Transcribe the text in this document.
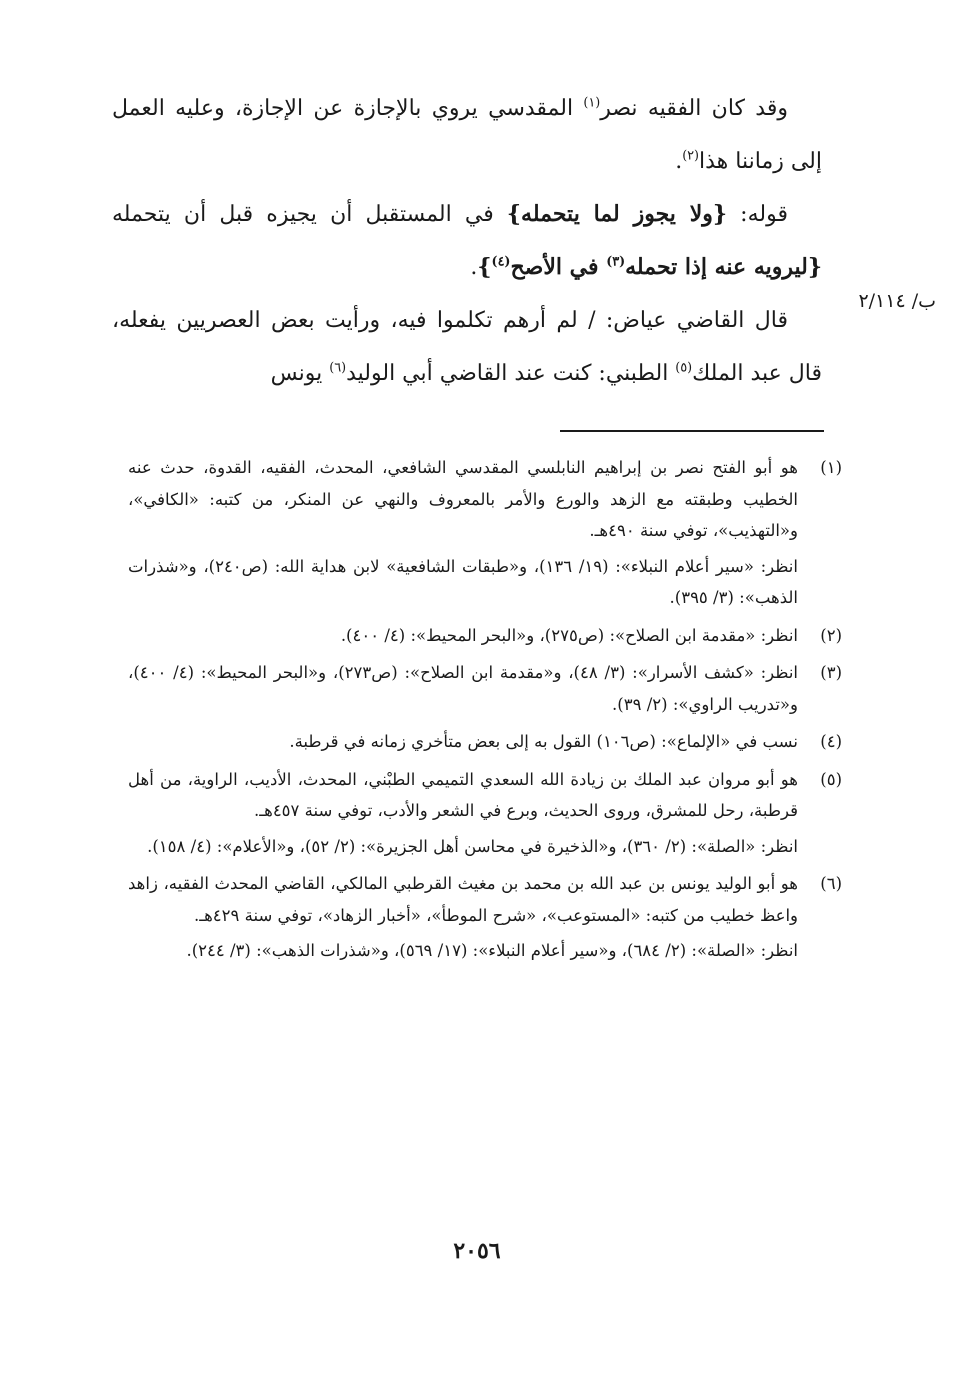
وقد كان الفقيه نصر$^{(١)}$ المقدسي يروي بالإجازة عن الإجازة، وعليه العمل إلى زماننا هذا$^{(٢)}$.

قوله: {ولا يجوز لما يتحمله} في المستقبل أن يجيزه قبل أن يتحمله {ليرويه عنه إذا تحمله$^{(٣)}$ في الأصح$^{(٤)}$}.

قال القاضي عياض: / لم أرهم تكلموا فيه، ورأيت بعض العصريين يفعله، قال عبد الملك$^{(٥)}$ الطبني: كنت عند القاضي أبي الوليد$^{(٦)}$ يونس

ب/ ٢/١١٤
(١)

هو أبو الفتح نصر بن إبراهيم النابلسي المقدسي الشافعي، المحدث، الفقيه، القدوة، حدث عنه الخطيب وطبقته مع الزهد والورع والأمر بالمعروف والنهي عن المنكر، من كتبه: «الكافي»، و«التهذيب»، توفي سنة ٤٩٠هـ.

انظر: «سير أعلام النبلاء»: (١٩/ ١٣٦)، و«طبقات الشافعية» لابن هداية الله: (ص٢٤٠)، و«شذرات الذهب»: (٣/ ٣٩٥).

(٢)

انظر: «مقدمة ابن الصلاح»: (ص٢٧٥)، و«البحر المحيط»: (٤/ ٤٠٠).

(٣)

انظر: «كشف الأسرار»: (٣/ ٤٨)، و«مقدمة ابن الصلاح»: (ص٢٧٣)، و«البحر المحيط»: (٤/ ٤٠٠)، و«تدريب الراوي»: (٢/ ٣٩).

(٤)

نسب في «الإلماع»: (ص١٠٦) القول به إلى بعض متأخري زمانه في قرطبة.

(٥)

هو أبو مروان عبد الملك بن زيادة الله السعدي التميمي الطبْني، المحدث، الأديب، الراوية، من أهل قرطبة، رحل للمشرق، وروى الحديث، وبرع في الشعر والأدب، توفي سنة ٤٥٧هـ.

انظر: «الصلة»: (٢/ ٣٦٠)، و«الذخيرة في محاسن أهل الجزيرة»: (٢/ ٥٢)، و«الأعلام»: (٤/ ١٥٨).

(٦)

هو أبو الوليد يونس بن عبد الله بن محمد بن مغيث القرطبي المالكي، القاضي المحدث الفقيه، زاهد واعظ خطيب من كتبه: «المستوعب»، «شرح الموطأ»، «أخبار الزهاد»، توفي سنة ٤٢٩هـ.

انظر: «الصلة»: (٢/ ٦٨٤)، و«سير أعلام النبلاء»: (١٧/ ٥٦٩)، و«شذرات الذهب»: (٣/ ٢٤٤).

٢٠٥٦
